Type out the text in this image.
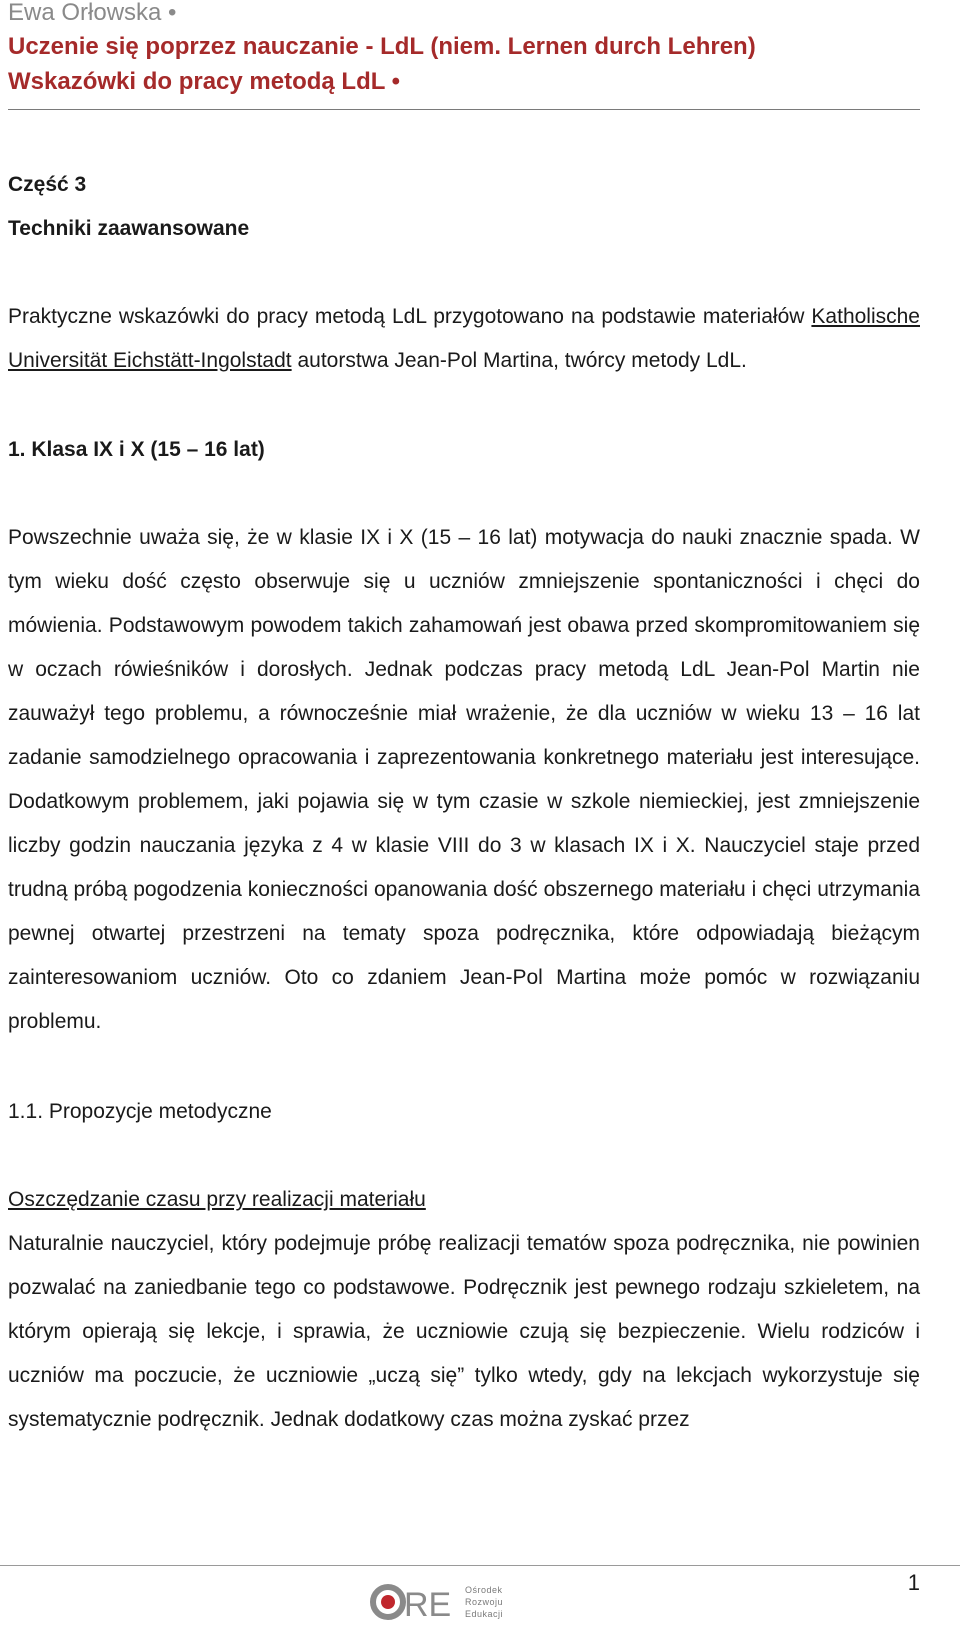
Ewa Orłowska •
Uczenie się poprzez nauczanie - LdL (niem. Lernen durch Lehren)
Wskazówki do pracy metodą LdL •
Część 3
Techniki zaawansowane

Praktyczne wskazówki do pracy metodą LdL przygotowano na podstawie materiałów Katholische Universität Eichstätt-Ingolstadt autorstwa Jean-Pol Martina, twórcy metody LdL.

1. Klasa IX i X (15 – 16 lat)

Powszechnie uważa się, że w klasie IX i X (15 – 16 lat) motywacja do nauki znacznie spada. W tym wieku dość często obserwuje się u uczniów zmniejszenie spontaniczności i chęci do mówienia. Podstawowym powodem takich zahamowań jest obawa przed skompromitowaniem się w oczach rówieśników i dorosłych. Jednak podczas pracy metodą LdL Jean-Pol Martin nie zauważył tego problemu, a równocześnie miał wrażenie, że dla uczniów w wieku 13 – 16 lat zadanie samodzielnego opracowania i zaprezentowania konkretnego materiału jest interesujące. Dodatkowym problemem, jaki pojawia się w tym czasie w szkole niemieckiej, jest zmniejszenie liczby godzin nauczania języka z 4 w klasie VIII do 3 w klasach IX i X. Nauczyciel staje przed trudną próbą pogodzenia konieczności opanowania dość obszernego materiału i chęci utrzymania pewnej otwartej przestrzeni na tematy spoza podręcznika, które odpowiadają bieżącym zainteresowaniom uczniów. Oto co zdaniem Jean-Pol Martina może pomóc w rozwiązaniu problemu.

1.1. Propozycje metodyczne
Oszczędzanie czasu przy realizacji materiału

Naturalnie nauczyciel, który podejmuje próbę realizacji tematów spoza podręcznika, nie powinien pozwalać na zaniedbanie tego co podstawowe. Podręcznik jest pewnego rodzaju szkieletem, na którym opierają się lekcje, i sprawia, że uczniowie czują się bezpieczenie. Wielu rodziców i uczniów ma poczucie, że uczniowie „uczą się” tylko wtedy, gdy na lekcjach wykorzystuje się systematycznie podręcznik. Jednak dodatkowy czas można zyskać przez

1
RE Ośrodek
Rozwoju
Edukacji
